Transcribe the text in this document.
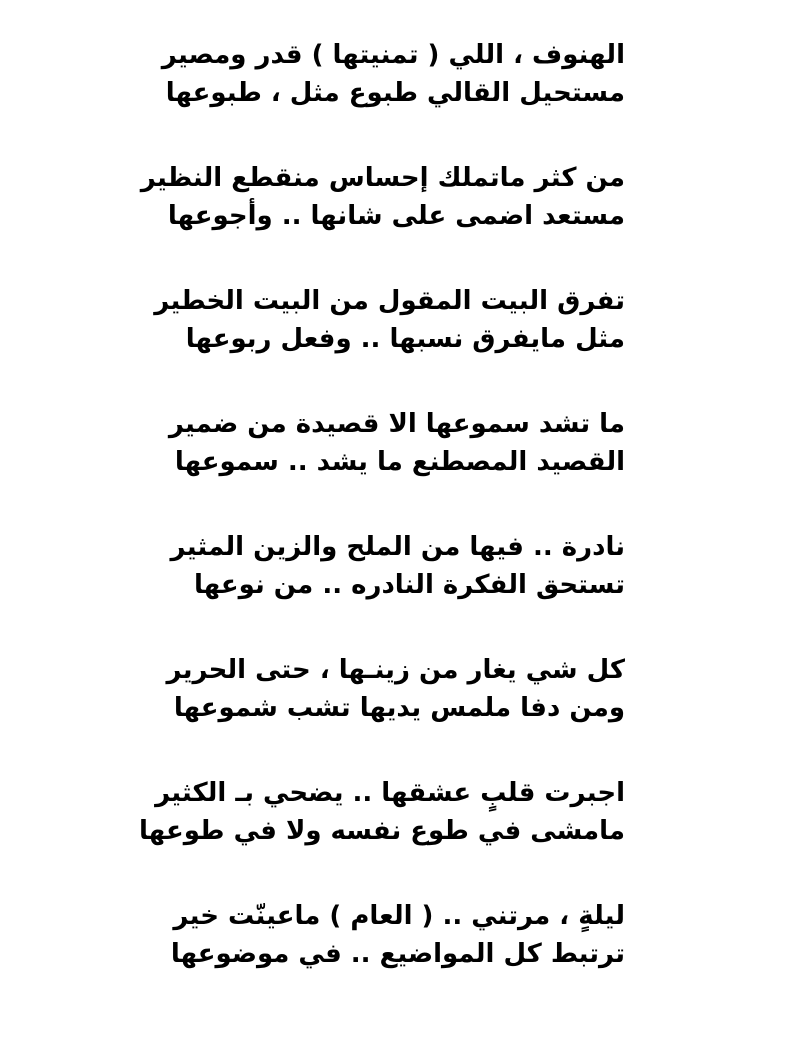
الهنوف ، اللي ( تمنيتها ) قدر ومصير
مستحيل القالي طبوع مثل ، طبوعها
من كثر ماتملك إحساس منقطع النظير
مستعد اضمى على شانها .. وأجوعها
تفرق البيت المقول من البيت الخطير
مثل مايفرق نسبها .. وفعل ربوعها
ما تشد سموعها الا قصيدة من ضمير
القصيد المصطنع ما يشد .. سموعها
نادرة .. فيها من الملح والزين المثير
تستحق الفكرة النادره .. من نوعها
كل شي يغار من زينـها ، حتى الحرير
ومن دفا ملمس يديها تشب شموعها
اجبرت قلبٍ عشقها .. يضحي بـ الكثير
مامشى في طوع نفسه ولا في طوعها
ليلةٍ ، مرتني .. ( العام ) ماعينّت خير
ترتبط كل المواضيع .. في موضوعها
